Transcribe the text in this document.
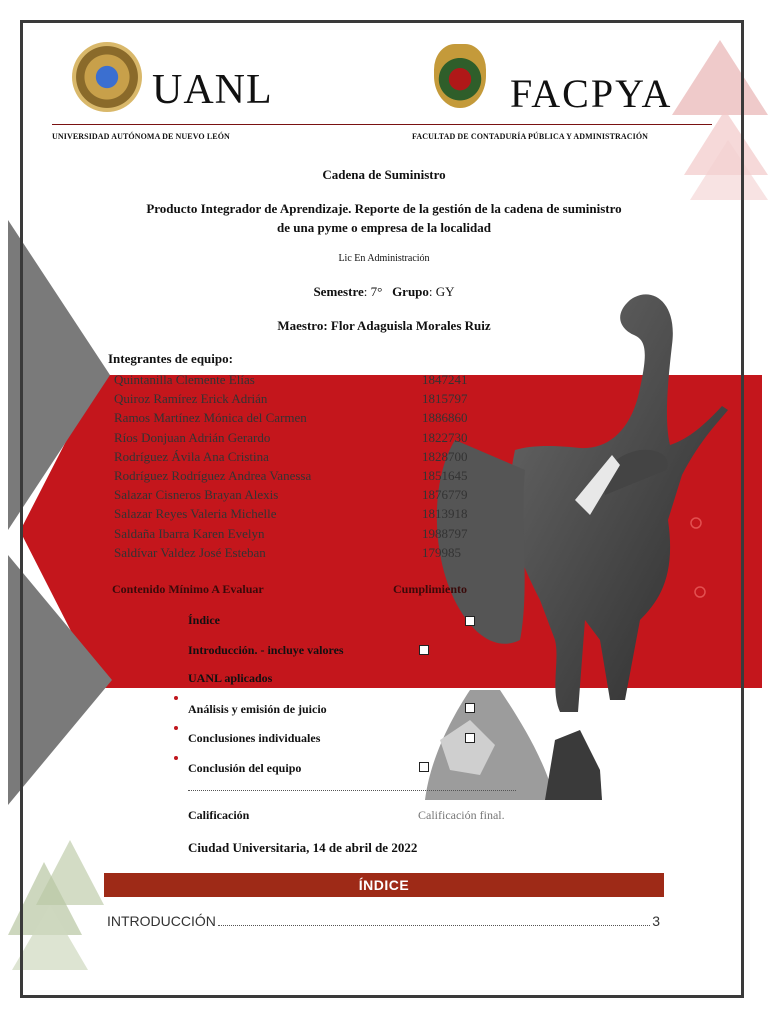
UANL	FACPYA
UNIVERSIDAD AUTÓNOMA DE NUEVO LEÓN	FACULTAD DE CONTADURÍA PÚBLICA Y ADMINISTRACIÓN
Cadena de Suministro
Producto Integrador de Aprendizaje. Reporte de la gestión de la cadena de suministro
de una pyme o empresa de la localidad
Lic En Administración
Semestre: 7° Grupo: GY
Maestro: Flor Adaguisla Morales Ruiz
Integrantes de equipo:
Quintanilla Clemente Elías	1847241
Quiroz Ramírez Erick Adrián	1815797
Ramos Martínez Mónica del Carmen	1886860
Ríos Donjuan Adrián Gerardo	1822730
Rodríguez Ávila Ana Cristina	1828700
Rodríguez Rodríguez Andrea Vanessa	1851645
Salazar Cisneros Brayan Alexis	1876779
Salazar Reyes Valeria Michelle	1813918
Saldaña Ibarra Karen Evelyn	1988797
Saldívar Valdez José Esteban	179985
Contenido Mínimo A Evaluar	Cumplimiento
Índice
Introducción. - incluye valores
UANL aplicados
Análisis y emisión de juicio
Conclusiones individuales
Conclusión del equipo
Calificación	Calificación final.
Ciudad Universitaria, 14 de abril de 2022
ÍNDICE
INTRODUCCIÓN	3
